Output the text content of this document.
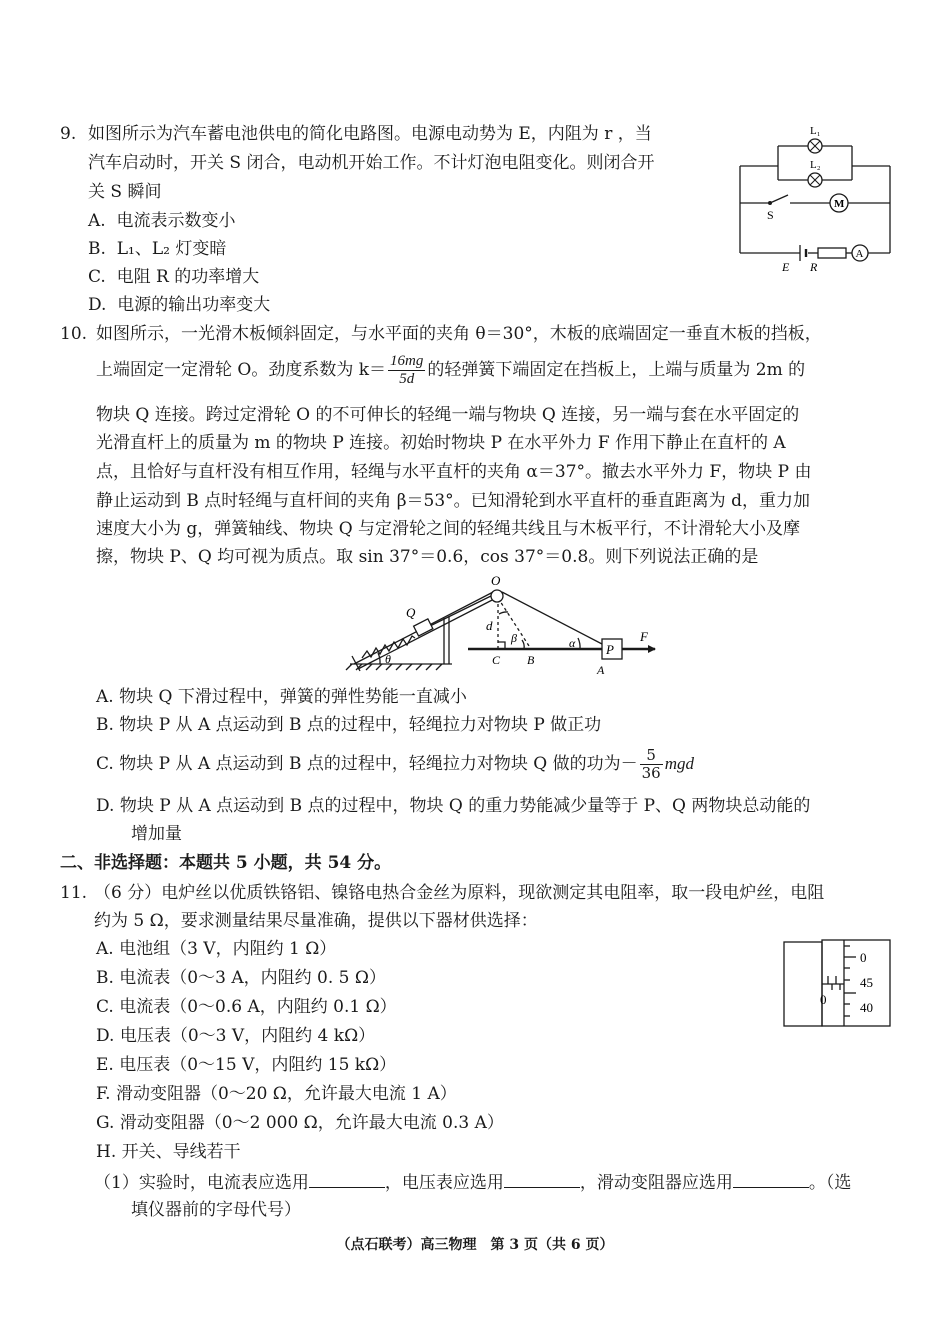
9. 如图所示为汽车蓄电池供电的简化电路图。电源电动势为 E，内阻为 r ，当
汽车启动时，开关 S 闭合，电动机开始工作。不计灯泡电阻变化。则闭合开
关 S 瞬间
A. 电流表示数变小
B. L₁、L₂ 灯变暗
C. 电阻 R 的功率增大
D. 电源的输出功率变大
L₁
L₂
S
M
E R
A
10. 如图所示，一光滑木板倾斜固定，与水平面的夹角 θ＝30°，木板的底端固定一垂直木板的挡板，
上端固定一定滑轮 O。劲度系数为 $k= \frac{16mg}{5d}$ 的轻弹簧下端固定在挡板上，上端与质量为 2m 的
物块 Q 连接。跨过定滑轮 O 的不可伸长的轻绳一端与物块 Q 连接，另一端与套在水平固定的
光滑直杆上的质量为 m 的物块 P 连接。初始时物块 P 在水平外力 F 作用下静止在直杆的 A
点，且恰好与直杆没有相互作用，轻绳与水平直杆的夹角 α＝37°。撤去水平外力 F，物块 P 由
静止运动到 B 点时轻绳与直杆间的夹角 β＝53°。已知滑轮到水平直杆的垂直距离为 d，重力加
速度大小为 g，弹簧轴线、物块 Q 与定滑轮之间的轻绳共线且与木板平行，不计滑轮大小及摩
擦，物块 P、Q 均可视为质点。取 sin 37°＝0.6，cos 37°＝0.8。则下列说法正确的是
O
Q
d
β	α
θ	C B
P
A
F
A. 物块 Q 下滑过程中，弹簧的弹性势能一直减小
B. 物块 P 从 A 点运动到 B 点的过程中，轻绳拉力对物块 P 做正功
C. 物块 P 从 A 点运动到 B 点的过程中，轻绳拉力对物块 Q 做的功为－ $\frac{5}{36}$ mgd
D. 物块 P 从 A 点运动到 B 点的过程中，物块 Q 的重力势能减少量等于 P、Q 两物块总动能的
增加量
二、非选择题：本题共 5 小题，共 54 分。
11. （6 分）电炉丝以优质铁铬铝、镍铬电热合金丝为原料，现欲测定其电阻率，取一段电炉丝，电阻
约为 5 Ω，要求测量结果尽量准确，提供以下器材供选择：
A. 电池组（3 V，内阻约 1 Ω）
B. 电流表（0～3 A，内阻约 0. 5 Ω）
C. 电流表（0～0.6 A，内阻约 0.1 Ω）
D. 电压表（0～3 V，内阻约 4 kΩ）
E. 电压表（0～15 V，内阻约 15 kΩ）
F. 滑动变阻器（0～20 Ω，允许最大电流 1 A）
G. 滑动变阻器（0～2 000 Ω，允许最大电流 0.3 A）
H. 开关、导线若干
（1）实验时，电流表应选用	，电压表应选用	，滑动变阻器应选用	。（选
填仪器前的字母代号）
0
45
40
0
（点石联考）高三物理　第 3 页（共 6 页）
